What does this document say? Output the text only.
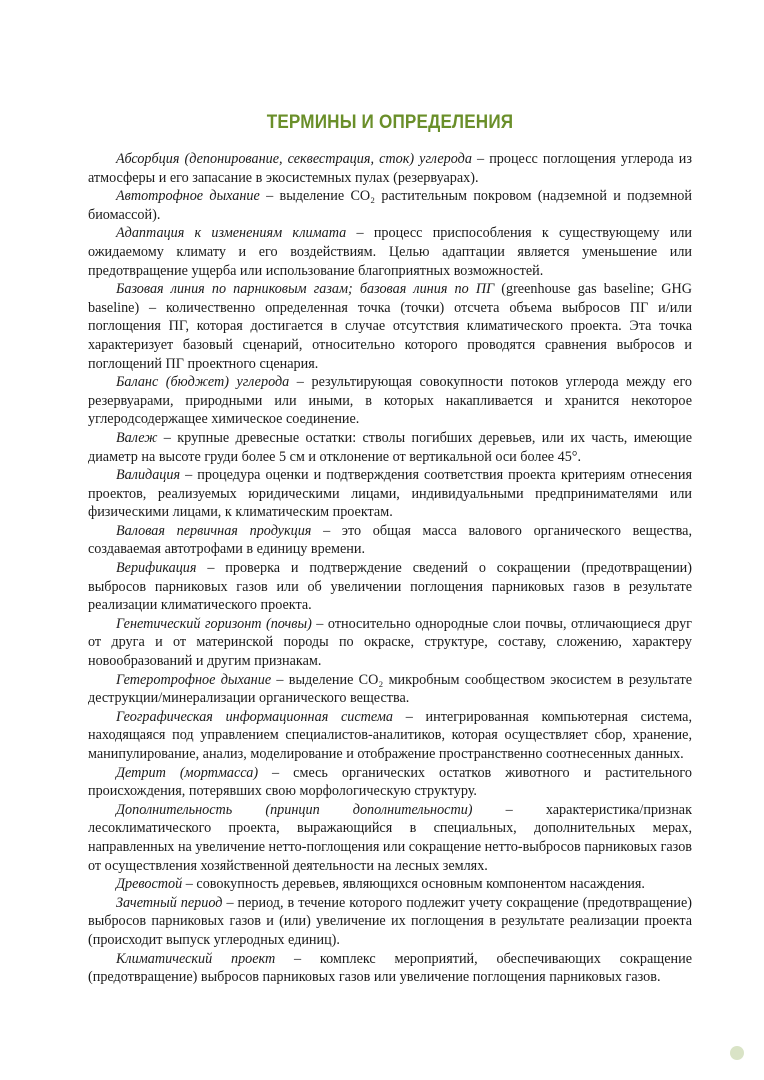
ТЕРМИНЫ И ОПРЕДЕЛЕНИЯ

Абсорбция (депонирование, секвестрация, сток) углерода – процесс поглощения углерода из атмосферы и его запасание в экосистемных пулах (резервуарах).

Автотрофное дыхание – выделение CO₂ растительным покровом (надземной и подземной биомассой).

Адаптация к изменениям климата – процесс приспособления к существующему или ожидаемому климату и его воздействиям. Целью адаптации является уменьшение или предотвращение ущерба или использование благоприятных возможностей.

Базовая линия по парниковым газам; базовая линия по ПГ (greenhouse gas baseline; GHG baseline) – количественно определенная точка (точки) отсчета объема выбросов ПГ и/или поглощения ПГ, которая достигается в случае отсутствия климатического проекта. Эта точка характеризует базовый сценарий, относительно которого проводятся сравнения выбросов и поглощений ПГ проектного сценария.

Баланс (бюджет) углерода – результирующая совокупности потоков углерода между его резервуарами, природными или иными, в которых накапливается и хранится некоторое углеродсодержащее химическое соединение.

Валеж – крупные древесные остатки: стволы погибших деревьев, или их часть, имеющие диаметр на высоте груди более 5 см и отклонение от вертикальной оси более 45°.

Валидация – процедура оценки и подтверждения соответствия проекта критериям отнесения проектов, реализуемых юридическими лицами, индивидуальными предпринимателями или физическими лицами, к климатическим проектам.

Валовая первичная продукция – это общая масса валового органического вещества, создаваемая автотрофами в единицу времени.

Верификация – проверка и подтверждение сведений о сокращении (предотвращении) выбросов парниковых газов или об увеличении поглощения парниковых газов в результате реализации климатического проекта.

Генетический горизонт (почвы) – относительно однородные слои почвы, отличающиеся друг от друга и от материнской породы по окраске, структуре, составу, сложению, характеру новообразований и другим признакам.

Гетеротрофное дыхание – выделение CO₂ микробным сообществом экосистем в результате деструкции/минерализации органического вещества.

Географическая информационная система – интегрированная компьютерная система, находящаяся под управлением специалистов-аналитиков, которая осуществляет сбор, хранение, манипулирование, анализ, моделирование и отображение пространственно соотнесенных данных.

Детрит (мортмасса) – смесь органических остатков животного и растительного происхождения, потерявших свою морфологическую структуру.

Дополнительность (принцип дополнительности) – характеристика/признак лесоклиматического проекта, выражающийся в специальных, дополнительных мерах, направленных на увеличение нетто-поглощения или сокращение нетто-выбросов парниковых газов от осуществления хозяйственной деятельности на лесных землях.

Древостой – совокупность деревьев, являющихся основным компонентом насаждения.

Зачетный период – период, в течение которого подлежит учету сокращение (предотвращение) выбросов парниковых газов и (или) увеличение их поглощения в результате реализации проекта (происходит выпуск углеродных единиц).

Климатический проект – комплекс мероприятий, обеспечивающих сокращение (предотвращение) выбросов парниковых газов или увеличение поглощения парниковых газов.
